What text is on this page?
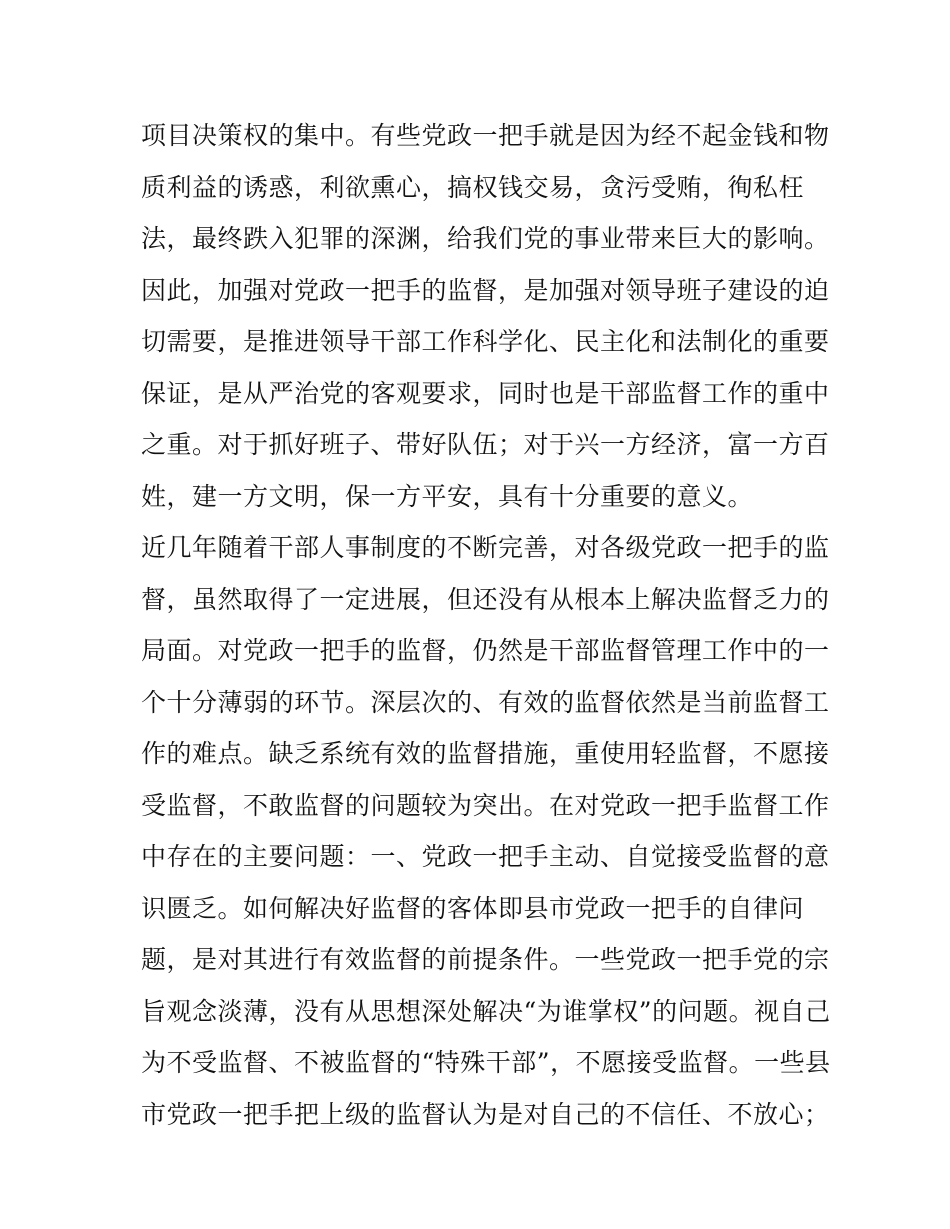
项目决策权的集中。有些党政一把手就是因为经不起金钱和物
质利益的诱惑，利欲熏心，搞权钱交易，贪污受贿，徇私枉
法，最终跌入犯罪的深渊，给我们党的事业带来巨大的影响。
因此，加强对党政一把手的监督，是加强对领导班子建设的迫
切需要，是推进领导干部工作科学化、民主化和法制化的重要
保证，是从严治党的客观要求，同时也是干部监督工作的重中
之重。对于抓好班子、带好队伍；对于兴一方经济，富一方百
姓，建一方文明，保一方平安，具有十分重要的意义。
近几年随着干部人事制度的不断完善，对各级党政一把手的监
督，虽然取得了一定进展，但还没有从根本上解决监督乏力的
局面。对党政一把手的监督，仍然是干部监督管理工作中的一
个十分薄弱的环节。深层次的、有效的监督依然是当前监督工
作的难点。缺乏系统有效的监督措施，重使用轻监督，不愿接
受监督，不敢监督的问题较为突出。在对党政一把手监督工作
中存在的主要问题：一、党政一把手主动、自觉接受监督的意
识匮乏。如何解决好监督的客体即县市党政一把手的自律问
题，是对其进行有效监督的前提条件。一些党政一把手党的宗
旨观念淡薄，没有从思想深处解决“为谁掌权”的问题。视自己
为不受监督、不被监督的“特殊干部”，不愿接受监督。一些县
市党政一把手把上级的监督认为是对自己的不信任、不放心；
